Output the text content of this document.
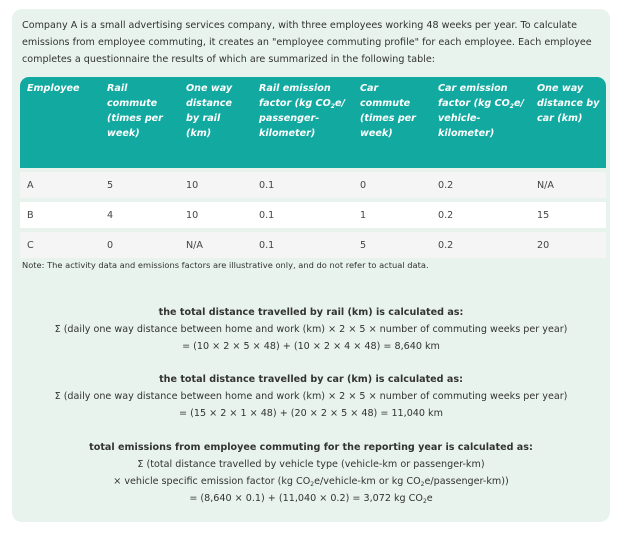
Company A is a small advertising services company, with three employees working 48 weeks per year. To calculate emissions from employee commuting, it creates an "employee commuting profile" for each employee. Each employee completes a questionnaire the results of which are summarized in the following table:
Employee	Rail commute (times per week)	One way distance by rail (km)	Rail emission factor (kg $CO_2e/$ passenger-kilometer)	Car commute (times per week)	Car emission factor (kg $CO_2e/$ vehicle-kilometer)	One way distance by car (km)
A	5	10	0.1	0	0.2	N/A
B	4	10	0.1	1	0.2	15
C	0	N/A	0.1	5	0.2	20
Note: The activity data and emissions factors are illustrative only, and do not refer to actual data.
the total distance travelled by rail (km) is calculated as:
Σ (daily one way distance between home and work (km) × 2 × 5 × number of commuting weeks per year)
= (10 × 2 × 5 × 48) + (10 × 2 × 4 × 48) = 8,640 km
the total distance travelled by car (km) is calculated as:
Σ (daily one way distance between home and work (km) × 2 × 5 × number of commuting weeks per year)
= (15 × 2 × 1 × 48) + (20 × 2 × 5 × 48) = 11,040 km
total emissions from employee commuting for the reporting year is calculated as:
Σ (total distance travelled by vehicle type (vehicle-km or passenger-km)
× vehicle specific emission factor (kg $CO_2e/vehicle-km$ or kg $CO_2e/passenger-km$))
= (8,640 × 0.1) + (11,040 × 0.2) = 3,072 kg $CO_2e$
